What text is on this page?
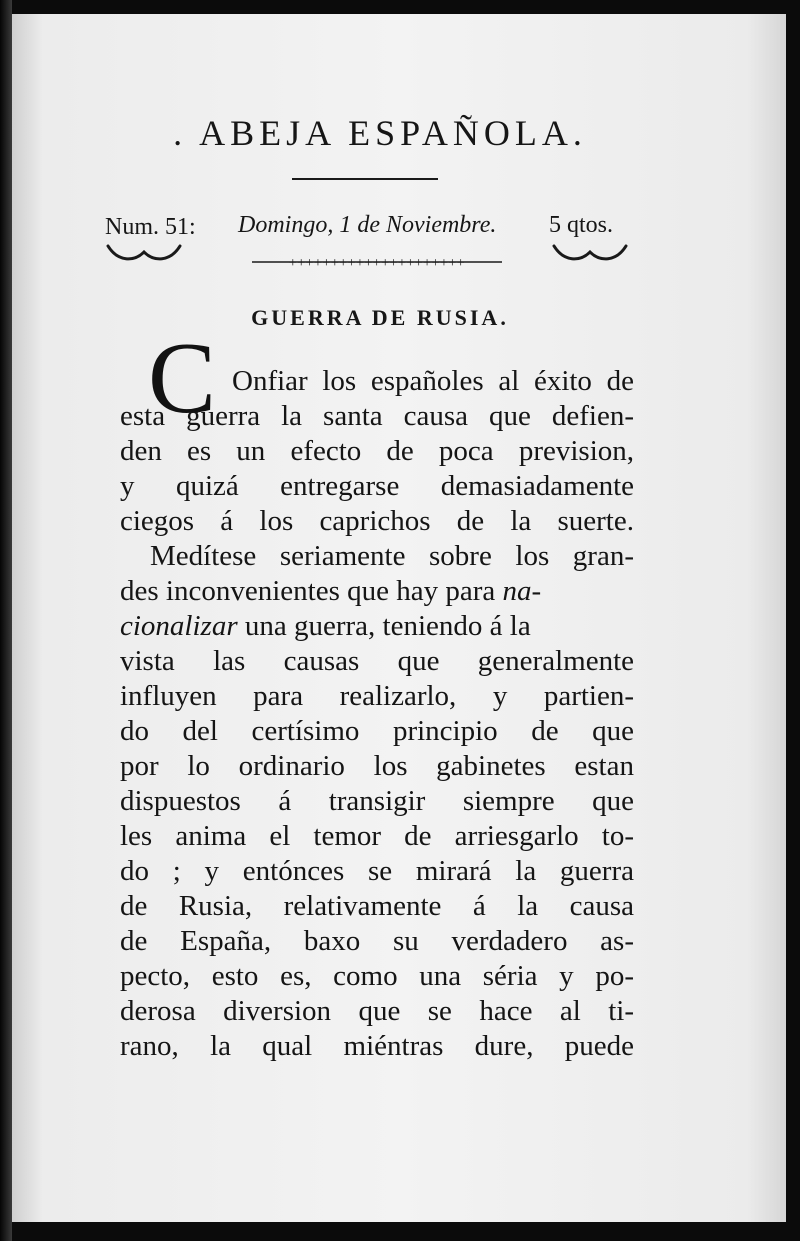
. ABEJA ESPAÑOLA.
Num. 51: Domingo, 1 de Noviembre. 5 qtos.
+++++++++++++++++++++
GUERRA DE RUSIA.
C Onfiar los españoles al éxito de
esta guerra la santa causa que defien-
den es un efecto de poca prevision,
y quizá entregarse demasiadamente
ciegos á los caprichos de la suerte.
Medítese seriamente sobre los gran-
des inconvenientes que hay para na-
cionalizar una guerra, teniendo á la
vista las causas que generalmente
influyen para realizarlo, y partien-
do del certísimo principio de que
por lo ordinario los gabinetes estan
dispuestos á transigir siempre que
les anima el temor de arriesgarlo to-
do ; y entónces se mirará la guerra
de Rusia, relativamente á la causa
de España, baxo su verdadero as-
pecto, esto es, como una séria y po-
derosa diversion que se hace al ti-
rano, la qual miéntras dure, puede
